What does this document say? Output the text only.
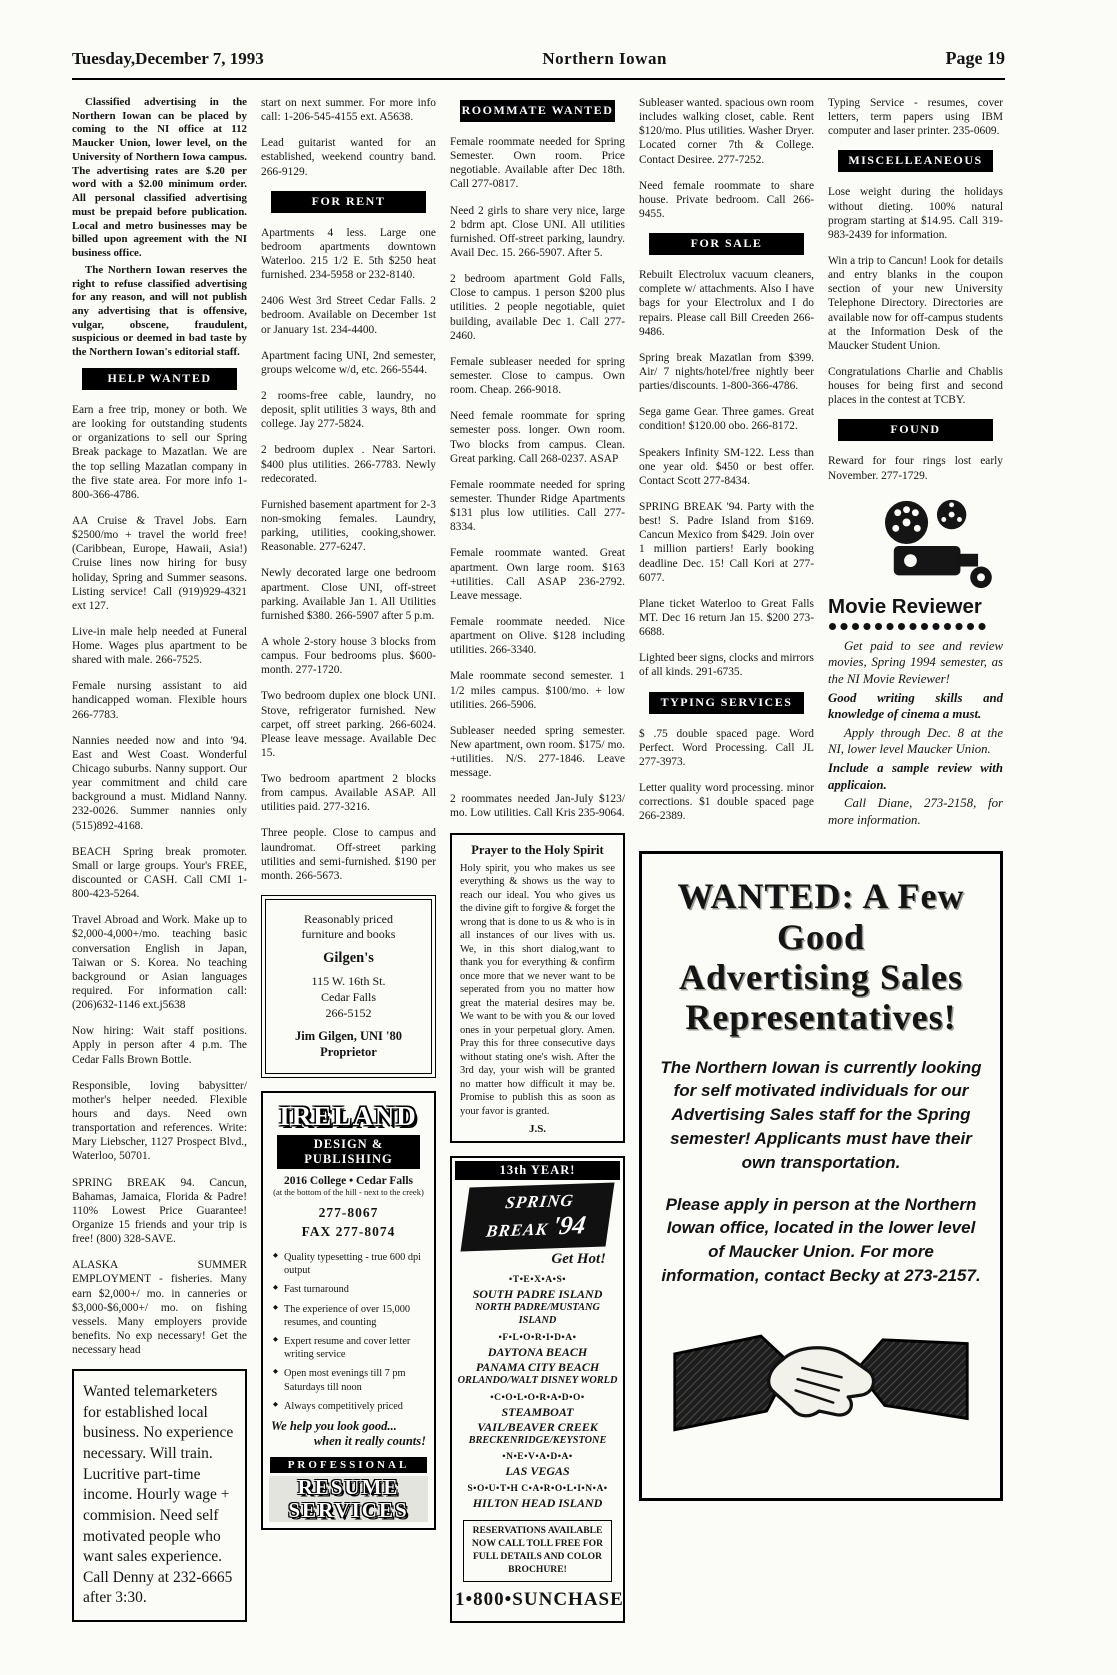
Tuesday,December 7, 1993	Northern Iowan	Page 19

Classified advertising in the Northern Iowan can be placed by coming to the NI office at 112 Maucker Union, lower level, on the University of Northern Iowa campus. The advertising rates are $.20 per word with a $2.00 minimum order. All personal classified advertising must be prepaid before publication. Local and metro businesses may be billed upon agreement with the NI business office.

The Northern Iowan reserves the right to refuse classified advertising for any reason, and will not publish any advertising that is offensive, vulgar, obscene, fraudulent, suspicious or deemed in bad taste by the Northern Iowan's editorial staff.

HELP WANTED

Earn a free trip, money or both. We are looking for outstanding students or organizations to sell our Spring Break package to Mazatlan. We are the top selling Mazatlan company in the five state area. For more info 1-800-366-4786.

AA Cruise & Travel Jobs. Earn $2500/mo + travel the world free! (Caribbean, Europe, Hawaii, Asia!) Cruise lines now hiring for busy holiday, Spring and Summer seasons. Listing service! Call (919)929-4321 ext 127.

Live-in male help needed at Funeral Home. Wages plus apartment to be shared with male. 266-7525.

Female nursing assistant to aid handicapped woman. Flexible hours 266-7783.

Nannies needed now and into '94. East and West Coast. Wonderful Chicago suburbs. Nanny support. Our year commitment and child care background a must. Midland Nanny. 232-0026. Summer nannies only (515)892-4168.

BEACH Spring break promoter. Small or large groups. Your's FREE, discounted or CASH. Call CMI 1-800-423-5264.

Travel Abroad and Work. Make up to $2,000-4,000+/mo. teaching basic conversation English in Japan, Taiwan or S. Korea. No teaching background or Asian languages required. For information call: (206)632-1146 ext.j5638

Now hiring: Wait staff positions. Apply in person after 4 p.m. The Cedar Falls Brown Bottle.

Responsible, loving babysitter/ mother's helper needed. Flexible hours and days. Need own transportation and references. Write: Mary Liebscher, 1127 Prospect Blvd., Waterloo, 50701.

SPRING BREAK 94. Cancun, Bahamas, Jamaica, Florida & Padre! 110% Lowest Price Guarantee! Organize 15 friends and your trip is free! (800) 328-SAVE.

ALASKA SUMMER EMPLOYMENT - fisheries. Many earn $2,000+/ mo. in canneries or $3,000-$6,000+/ mo. on fishing vessels. Many employers provide benefits. No exp necessary! Get the necessary head

Wanted telemarketers for established local business. No experience necessary. Will train. Lucritive part-time income. Hourly wage + commision. Need self motivated people who want sales experience. Call Denny at 232-6665 after 3:30.

start on next summer. For more info call: 1-206-545-4155 ext. A5638.

Lead guitarist wanted for an established, weekend country band. 266-9129.

FOR RENT

Apartments 4 less. Large one bedroom apartments downtown Waterloo. 215 1/2 E. 5th $250 heat furnished. 234-5958 or 232-8140.

2406 West 3rd Street Cedar Falls. 2 bedroom. Available on December 1st or January 1st. 234-4400.

Apartment facing UNI, 2nd semester, groups welcome w/d, etc. 266-5544.

2 rooms-free cable, laundry, no deposit, split utilities 3 ways, 8th and college. Jay 277-5824.

2 bedroom duplex . Near Sartori. $400 plus utilities. 266-7783. Newly redecorated.

Furnished basement apartment for 2-3 non-smoking females. Laundry, parking, utilities, cooking,shower. Reasonable. 277-6247.

Newly decorated large one bedroom apartment. Close UNI, off-street parking. Available Jan 1. All Utilities furnished $380. 266-5907 after 5 p.m.

A whole 2-story house 3 blocks from campus. Four bedrooms plus. $600-month. 277-1720.

Two bedroom duplex one block UNI. Stove, refrigerator furnished. New carpet, off street parking. 266-6024. Please leave message. Available Dec 15.

Two bedroom apartment 2 blocks from campus. Available ASAP. All utilities paid. 277-3216.

Three people. Close to campus and laundromat. Off-street parking utilities and semi-furnished. $190 per month. 266-5673.

Reasonably priced

furniture and books

Gilgen's

115 W. 16th St.

Cedar Falls

266-5152

Jim Gilgen, UNI '80

Proprietor

IRELAND

DESIGN & PUBLISHING

2016 College • Cedar Falls

(at the bottom of the hill - next to the creek)

277-8067

FAX 277-8074

◆ Quality typesetting - true 600 dpi output
◆ Fast turnaround
◆ The experience of over 15,000 resumes, and counting
◆ Expert resume and cover letter writing service
◆ Open most evenings till 7 pm Saturdays till noon
◆ Always competitively priced

We help you look good...

when it really counts!

PROFESSIONAL

RESUME

SERVICES

ROOMMATE WANTED

Female roommate needed for Spring Semester. Own room. Price negotiable. Available after Dec 18th. Call 277-0817.

Need 2 girls to share very nice, large 2 bdrm apt. Close UNI. All utilities furnished. Off-street parking, laundry. Avail Dec. 15. 266-5907. After 5.

2 bedroom apartment Gold Falls, Close to campus. 1 person $200 plus utilities. 2 people negotiable, quiet building, available Dec 1. Call 277-2460.

Female subleaser needed for spring semester. Close to campus. Own room. Cheap. 266-9018.

Need female roommate for spring semester poss. longer. Own room. Two blocks from campus. Clean. Great parking. Call 268-0237. ASAP

Female roommate needed for spring semester. Thunder Ridge Apartments $131 plus low utilities. Call 277-8334.

Female roommate wanted. Great apartment. Own large room. $163 +utilities. Call ASAP 236-2792. Leave message.

Female roommate needed. Nice apartment on Olive. $128 including utilities. 266-3340.

Male roommate second semester. 1 1/2 miles campus. $100/mo. + low utilities. 266-5906.

Subleaser needed spring semester. New apartment, own room. $175/ mo. +utilities. N/S. 277-1846. Leave message.

2 roommates needed Jan-July $123/ mo. Low utilities. Call Kris 235-9064.

Prayer to the Holy Spirit

Holy spirit, you who makes us see everything & shows us the way to reach our ideal. You who gives us the divine gift to forgive & forget the wrong that is done to us & who is in all instances of our lives with us. We, in this short dialog,want to thank you for everything & confirm once more that we never want to be seperated from you no matter how great the material desires may be. We want to be with you & our loved ones in your perpetual glory. Amen. Pray this for three consecutive days without stating one's wish. After the 3rd day, your wish will be granted no matter how difficult it may be. Promise to publish this as soon as your favor is granted.

J.S.

13th YEAR!
SPRING BREAK'94

Get Hot!

•T•E•X•A•S•

SOUTH PADRE ISLAND

NORTH PADRE/MUSTANG ISLAND

•F•L•O•R•I•D•A•

DAYTONA BEACH

PANAMA CITY BEACH

ORLANDO/WALT DISNEY WORLD

•C•O•L•O•R•A•D•O•

STEAMBOAT

VAIL/BEAVER CREEK

BRECKENRIDGE/KEYSTONE

•N•E•V•A•D•A•

LAS VEGAS

S•O•U•T•H C•A•R•O•L•I•N•A•

HILTON HEAD ISLAND

RESERVATIONS AVAILABLE NOW CALL TOLL FREE FOR FULL DETAILS AND COLOR BROCHURE!

1•800•SUNCHASE

Subleaser wanted. spacious own room includes walking closet, cable. Rent $120/mo. Plus utilities. Washer Dryer. Located corner 7th & College. Contact Desiree. 277-7252.

Need female roommate to share house. Private bedroom. Call 266-9455.

FOR SALE

Rebuilt Electrolux vacuum cleaners, complete w/ attachments. Also I have bags for your Electrolux and I do repairs. Please call Bill Creeden 266-9486.

Spring break Mazatlan from $399. Air/ 7 nights/hotel/free nightly beer parties/discounts. 1-800-366-4786.

Sega game Gear. Three games. Great condition! $120.00 obo. 266-8172.

Speakers Infinity SM-122. Less than one year old. $450 or best offer. Contact Scott 277-8434.

SPRING BREAK '94. Party with the best! S. Padre Island from $169. Cancun Mexico from $429. Join over 1 million partiers! Early booking deadline Dec. 15! Call Kori at 277-6077.

Plane ticket Waterloo to Great Falls MT. Dec 16 return Jan 15. $200 273-6688.

Lighted beer signs, clocks and mirrors of all kinds. 291-6735.

TYPING SERVICES

$ .75 double spaced page. Word Perfect. Word Processing. Call JL 277-3973.

Letter quality word processing. minor corrections. $1 double spaced page 266-2389.

Typing Service - resumes, cover letters, term papers using IBM computer and laser printer. 235-0609.

MISCELLEANEOUS

Lose weight during the holidays without dieting. 100% natural program starting at $14.95. Call 319-983-2439 for information.

Win a trip to Cancun! Look for details and entry blanks in the coupon section of your new University Telephone Directory. Directories are available now for off-campus students at the Information Desk of the Maucker Student Union.

Congratulations Charlie and Chablis houses for being first and second places in the contest at TCBY.

FOUND

Reward for four rings lost early November. 277-1729.

Movie Reviewer

Get paid to see and review movies, Spring 1994 semester, as the NI Movie Reviewer!

Good writing skills and knowledge of cinema a must.

Apply through Dec. 8 at the NI, lower level Maucker Union.

Include a sample review with applicaion.

Call Diane, 273-2158, for more information.

WANTED: A Few Good

Advertising Sales

Representatives!

The Northern Iowan is currently looking for self motivated individuals for our Advertising Sales staff for the Spring semester! Applicants must have their own transportation.

Please apply in person at the Northern Iowan office, located in the lower level of Maucker Union. For more information, contact Becky at 273-2157.
